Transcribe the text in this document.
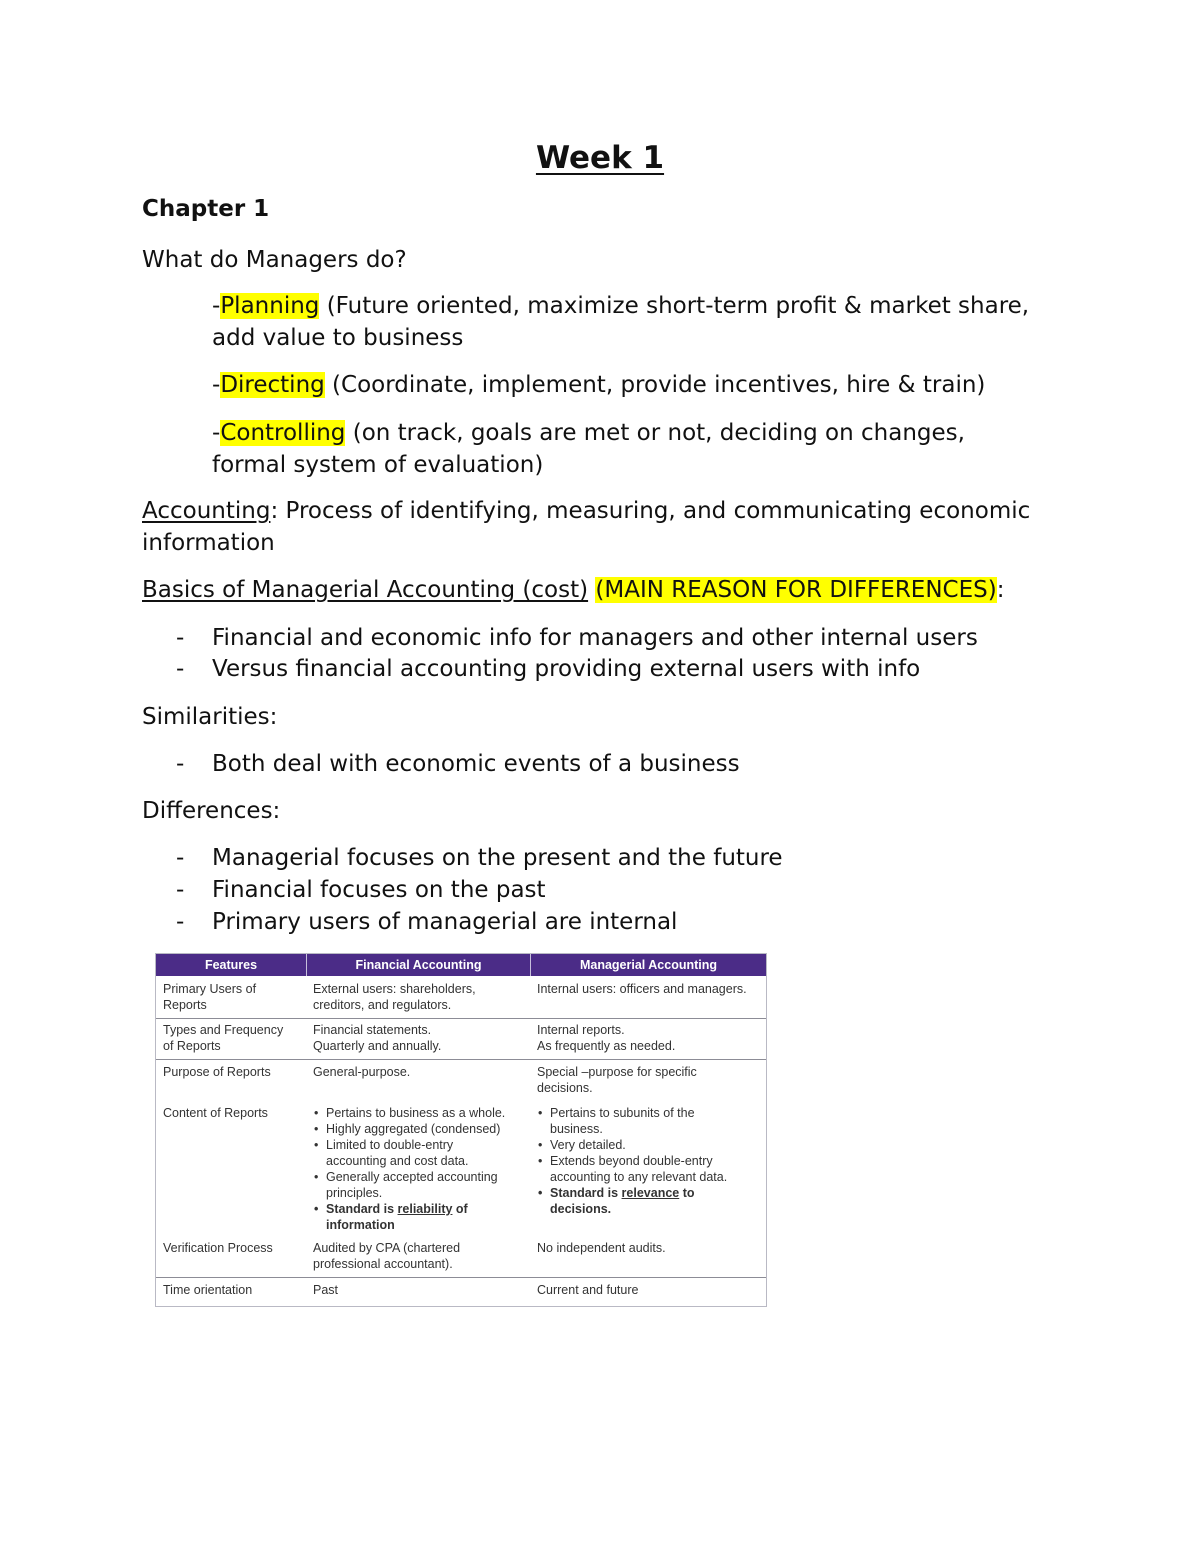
Week 1
Chapter 1
What do Managers do?
-Planning (Future oriented, maximize short-term profit & market share,
add value to business
-Directing (Coordinate, implement, provide incentives, hire & train)
-Controlling (on track, goals are met or not, deciding on changes,
formal system of evaluation)
Accounting: Process of identifying, measuring, and communicating economic
information
Basics of Managerial Accounting (cost) (MAIN REASON FOR DIFFERENCES):
- Financial and economic info for managers and other internal users
- Versus financial accounting providing external users with info
Similarities:
- Both deal with economic events of a business
Differences:
- Managerial focuses on the present and the future
- Financial focuses on the past
- Primary users of managerial are internal
Features	Financial Accounting	Managerial Accounting
Primary Users of
Reports
External users: shareholders,
creditors, and regulators.
Internal users: officers and managers.
Types and Frequency
of Reports
Financial statements.
Quarterly and annually.
Internal reports.
As frequently as needed.
Purpose of Reports	General-purpose.	Special –purpose for specific
decisions.
Content of Reports
•	Pertains to business as a whole.
• Highly aggregated (condensed)
• Limited to double-entry
accounting and cost data.
• Generally accepted accounting
principles.
• Standard is reliability of
information
• Pertains to subunits of the
business.
• Very detailed.
• Extends beyond double-entry
accounting to any relevant data.
• Standard is relevance to
decisions.
Verification Process	Audited by CPA (chartered
professional accountant).
No independent audits.
Time orientation	Past	Current and future
